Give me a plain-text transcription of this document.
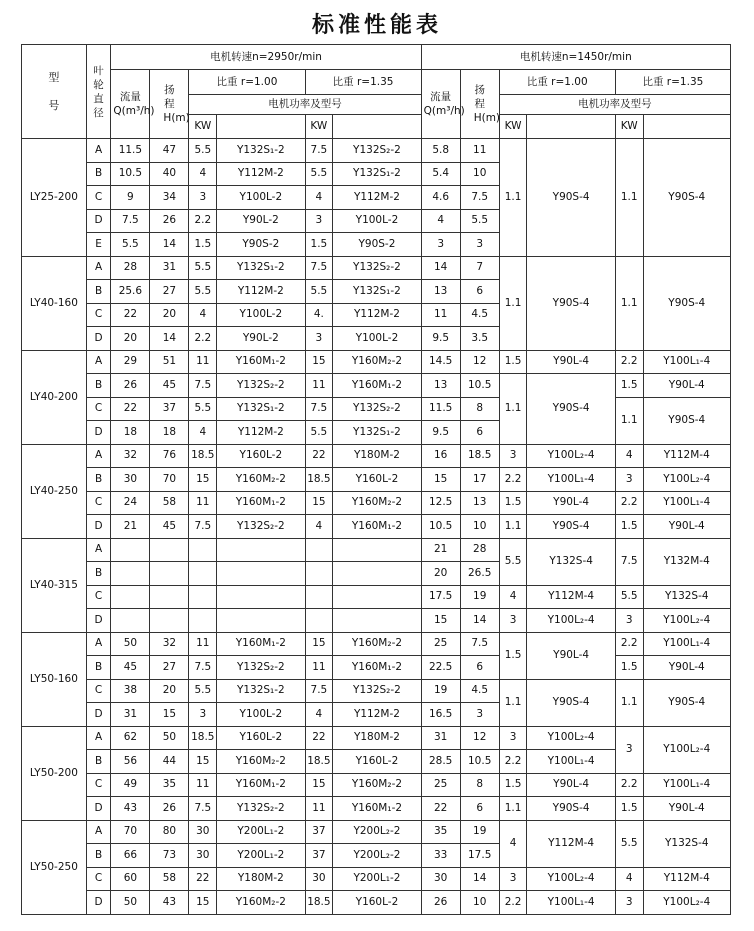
标准性能表
型号	叶轮直径	电机转速n=2950r/min						电机转速n=1450r/min					
		流量Q(m³/h)	扬程H(m)	比重 r=1.00		比重 r=1.35		流量Q(m³/h)	扬程H(m)	比重 r=1.00		比重 r=1.35	
				电机功率及型号						电机功率及型号			
				KW		KW				KW		KW	
LY25-200	A	11.5	47	5.5	Y132S₁-2	7.5	Y132S₂-2	5.8	11	1.1	Y90S-4	1.1	Y90S-4
	B	10.5	40	4	Y112M-2	5.5	Y132S₁-2	5.4	10				
	C	9	34	3	Y100L-2	4	Y112M-2	4.6	7.5				
	D	7.5	26	2.2	Y90L-2	3	Y100L-2	4	5.5				
	E	5.5	14	1.5	Y90S-2	1.5	Y90S-2	3	3				
LY40-160	A	28	31	5.5	Y132S₁-2	7.5	Y132S₂-2	14	7	1.1	Y90S-4	1.1	Y90S-4
	B	25.6	27	5.5	Y112M-2	5.5	Y132S₁-2	13	6				
	C	22	20	4	Y100L-2	4.	Y112M-2	11	4.5				
	D	20	14	2.2	Y90L-2	3	Y100L-2	9.5	3.5				
LY40-200	A	29	51	11	Y160M₁-2	15	Y160M₂-2	14.5	12	1.5	Y90L-4	2.2	Y100L₁-4
	B	26	45	7.5	Y132S₂-2	11	Y160M₁-2	13	10.5	1.1	Y90S-4	1.5	Y90L-4
	C	22	37	5.5	Y132S₁-2	7.5	Y132S₂-2	11.5	8			1.1	Y90S-4
	D	18	18	4	Y112M-2	5.5	Y132S₁-2	9.5	6				
LY40-250	A	32	76	18.5	Y160L-2	22	Y180M-2	16	18.5	3	Y100L₂-4	4	Y112M-4
	B	30	70	15	Y160M₂-2	18.5	Y160L-2	15	17	2.2	Y100L₁-4	3	Y100L₂-4
	C	24	58	11	Y160M₁-2	15	Y160M₂-2	12.5	13	1.5	Y90L-4	2.2	Y100L₁-4
	D	21	45	7.5	Y132S₂-2	4	Y160M₁-2	10.5	10	1.1	Y90S-4	1.5	Y90L-4
LY40-315	A							21	28	5.5	Y132S-4	7.5	Y132M-4
	B							20	26.5				
	C							17.5	19	4	Y112M-4	5.5	Y132S-4
	D							15	14	3	Y100L₂-4	3	Y100L₂-4
LY50-160	A	50	32	11	Y160M₁-2	15	Y160M₂-2	25	7.5	1.5	Y90L-4	2.2	Y100L₁-4
	B	45	27	7.5	Y132S₂-2	11	Y160M₁-2	22.5	6			1.5	Y90L-4
	C	38	20	5.5	Y132S₁-2	7.5	Y132S₂-2	19	4.5	1.1	Y90S-4	1.1	Y90S-4
	D	31	15	3	Y100L-2	4	Y112M-2	16.5	3				
LY50-200	A	62	50	18.5	Y160L-2	22	Y180M-2	31	12	3	Y100L₂-4	3	Y100L₂-4
	B	56	44	15	Y160M₂-2	18.5	Y160L-2	28.5	10.5	2.2	Y100L₁-4		
	C	49	35	11	Y160M₁-2	15	Y160M₂-2	25	8	1.5	Y90L-4	2.2	Y100L₁-4
	D	43	26	7.5	Y132S₂-2	11	Y160M₁-2	22	6	1.1	Y90S-4	1.5	Y90L-4
LY50-250	A	70	80	30	Y200L₁-2	37	Y200L₂-2	35	19	4	Y112M-4	5.5	Y132S-4
	B	66	73	30	Y200L₁-2	37	Y200L₂-2	33	17.5				
	C	60	58	22	Y180M-2	30	Y200L₁-2	30	14	3	Y100L₂-4	4	Y112M-4
	D	50	43	15	Y160M₂-2	18.5	Y160L-2	26	10	2.2	Y100L₁-4	3	Y100L₂-4
